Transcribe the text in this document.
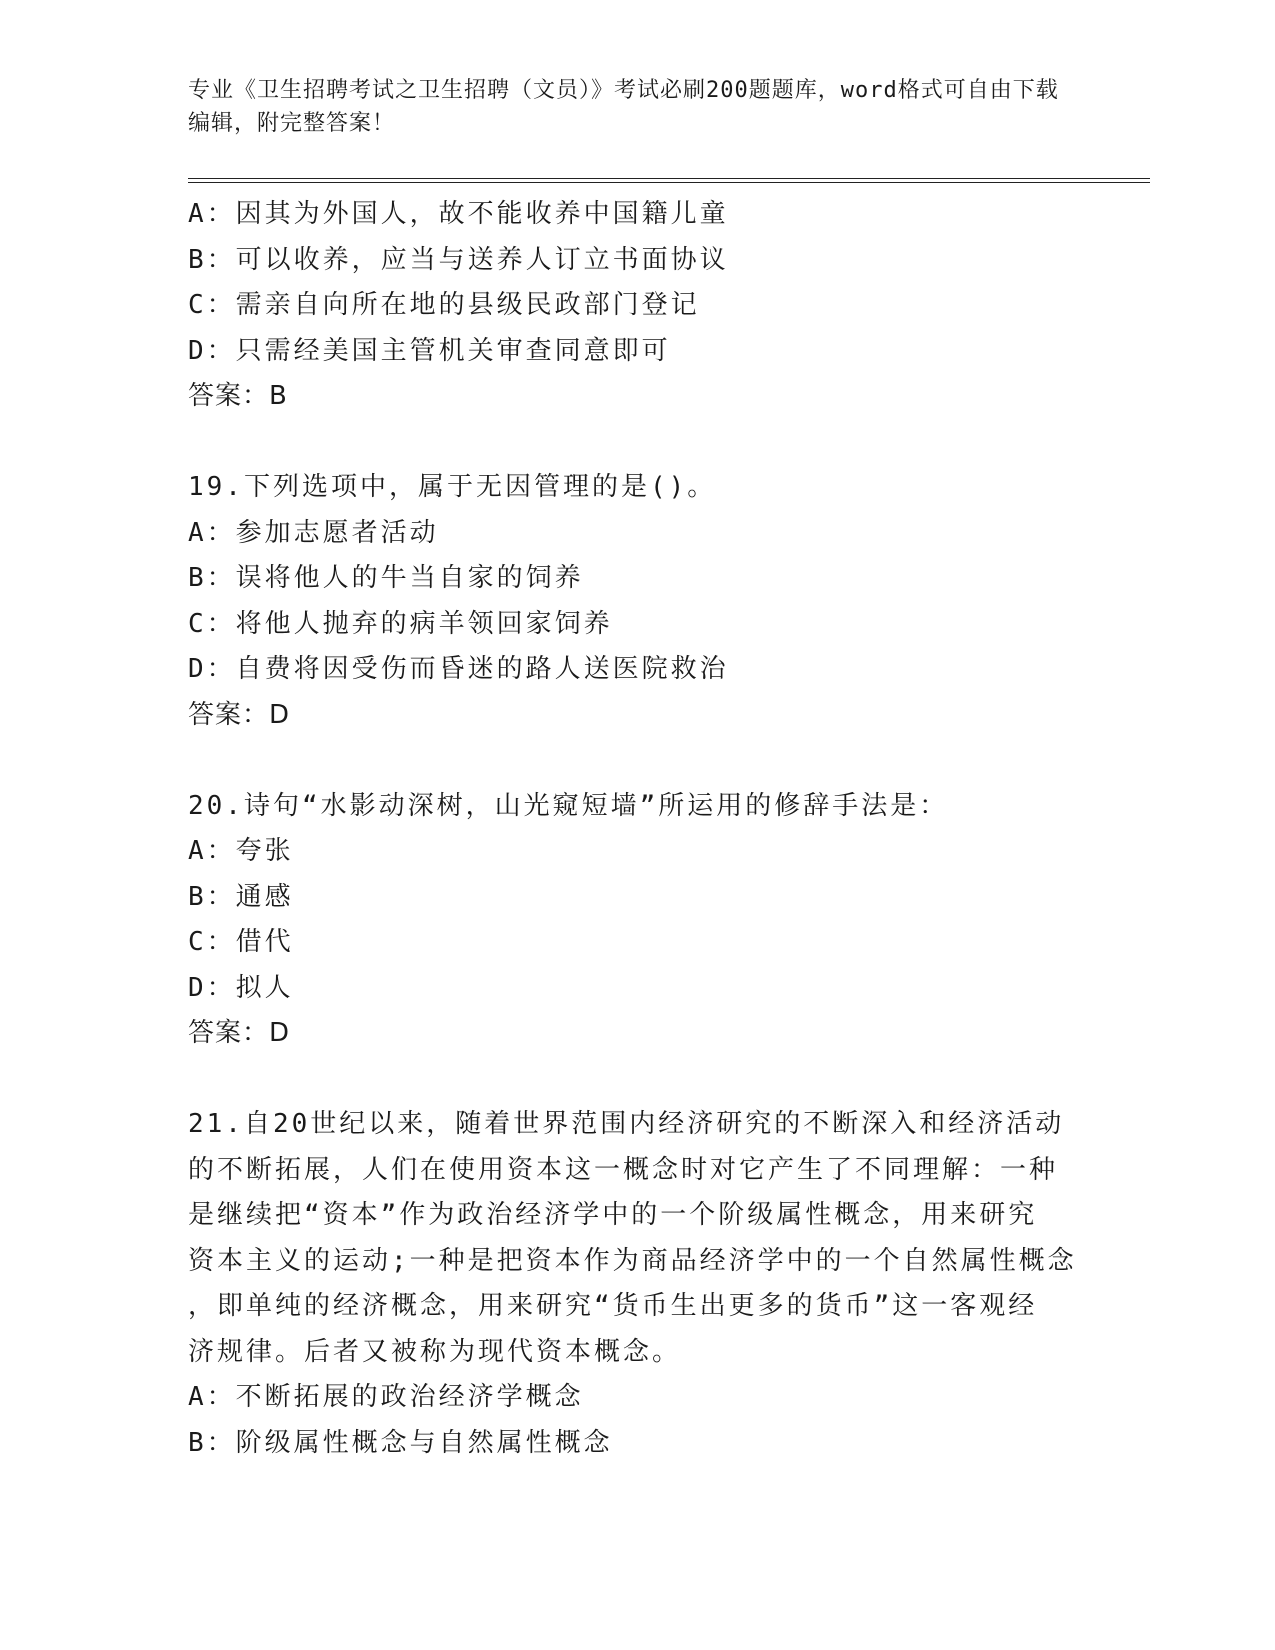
专业《卫生招聘考试之卫生招聘（文员）》考试必刷200题题库，word格式可自由下载编辑，附完整答案！
A：因其为外国人，故不能收养中国籍儿童
B：可以收养，应当与送养人订立书面协议
C：需亲自向所在地的县级民政部门登记
D：只需经美国主管机关审查同意即可
答案：B
19.下列选项中，属于无因管理的是()。
A：参加志愿者活动
B：误将他人的牛当自家的饲养
C：将他人抛弃的病羊领回家饲养
D：自费将因受伤而昏迷的路人送医院救治
答案：D
20.诗句“水影动深树，山光窥短墙”所运用的修辞手法是：
A：夸张
B：通感
C：借代
D：拟人
答案：D
21.自20世纪以来，随着世界范围内经济研究的不断深入和经济活动
的不断拓展，人们在使用资本这一概念时对它产生了不同理解：一种
是继续把“资本”作为政治经济学中的一个阶级属性概念，用来研究
资本主义的运动;一种是把资本作为商品经济学中的一个自然属性概念
，即单纯的经济概念，用来研究“货币生出更多的货币”这一客观经
济规律。后者又被称为现代资本概念。
A：不断拓展的政治经济学概念
B：阶级属性概念与自然属性概念
